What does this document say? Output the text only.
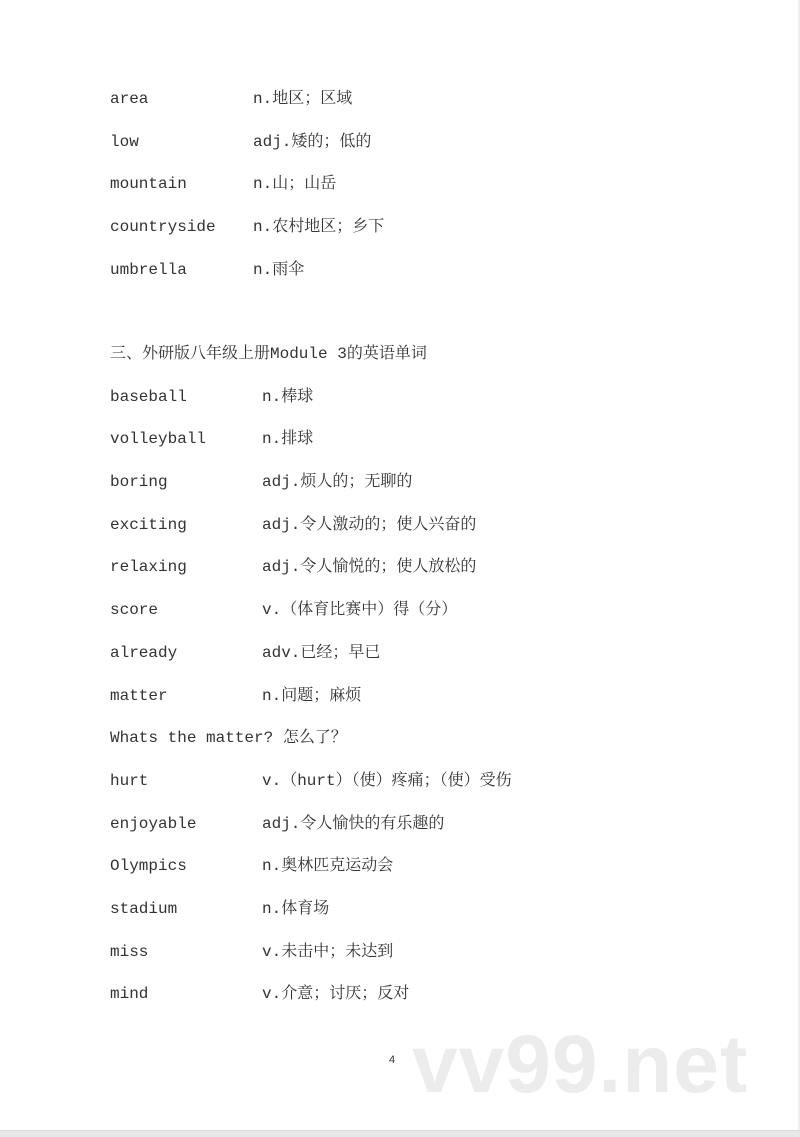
area	n.地区；区域
low	adj.矮的；低的
mountain	n.山；山岳
countryside n.农村地区；乡下
umbrella	n.雨伞
三、外研版八年级上册Module 3的英语单词
baseball	n.棒球
volleyball	n.排球
boring	adj.烦人的；无聊的
exciting	adj.令人激动的；使人兴奋的
relaxing	adj.令人愉悦的；使人放松的
score	v.（体育比赛中）得（分）
already	adv.已经；早已
matter	n.问题；麻烦
Whats the matter? 怎么了？
hurt	v.（hurt）（使）疼痛；（使）受伤
enjoyable	adj.令人愉快的有乐趣的
Olympics	n.奥林匹克运动会
stadium	n.体育场
miss	v.未击中；未达到
mind	v.介意；讨厌；反对
vv99.net
4
